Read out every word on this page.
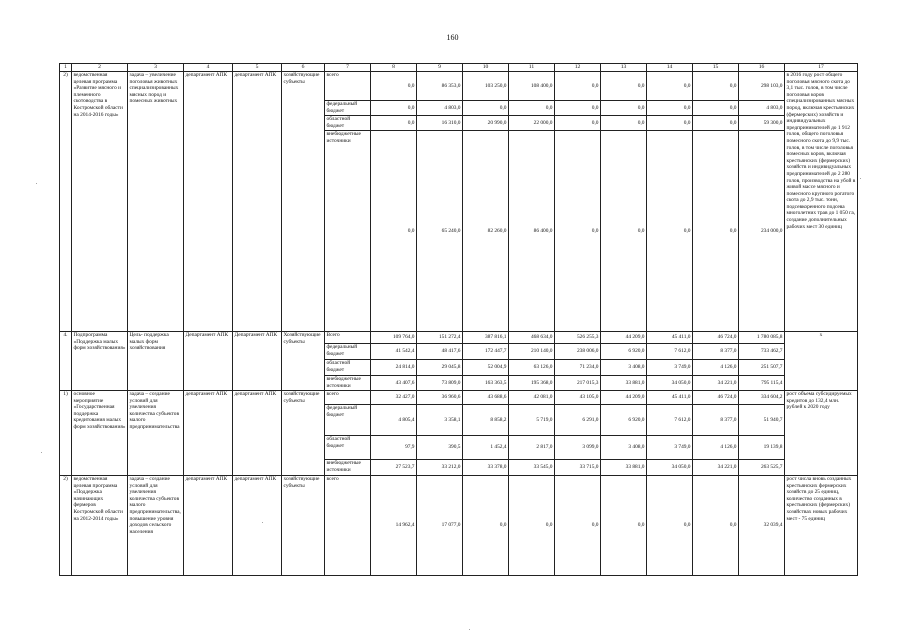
160
1	2	3	4	5	6	7	8	9	10	11	12	13	14	15	16	17
2)	ведомственная целевая программа «Развитие мясного и племенного скотоводства в Костромской области на 2014-2016 годы»	задача – увеличение поголовья животных специализированных мясных пород и помесных животных	департамент АПК	департамент АПК	хозяйствующие субъекты	всего	0,0	86 353,0	103 250,0	108 400,0	0,0	0,0	0,0	0,0	298 103,0	в 2016 году рост общего поголовья мясного скота до 3,1 тыс. голов, в том числе поголовья коров специализированных мясных пород, включая крестьянских (фермерских) хозяйств и индивидуальных предпринимателей до 1 912 голов, общего поголовья помесного скота до 9,9 тыс. голов, в том числе поголовья помесных коров, включая крестьянских (фермерских) хозяйств и индивидуальных предпринимателей до 2 280 голов, производства на убой в живой массе мясного и помесного крупного рогатого скота до 2,9 тыс. тонн, подсевкоренного подсева многолетних трав до 1 050 га, создание дополнительных рабочих мест 30 единиц
						федеральный бюджет	0,0	4 803,0	0,0	0,0	0,0	0,0	0,0	0,0	4 803,0	
						областной бюджет	0,0	16 310,0	20 990,0	22 000,0	0,0	0,0	0,0	0,0	59 300,0	
						внебюджетные источники	0,0	65 240,0	82 260,0	86 400,0	0,0	0,0	0,0	0,0	234 000,0	
4.	Подпрограмма «Поддержка малых форм хозяйствования»	Цель- поддержка малых форм хозяйствования	Департамент АПК	Департамент АПК	Хозяйствующие субъекты	Всего	109 764,0	151 272,4	387 816,1	468 634,0	526 255,3	44 209,0	45 411,0	46 724,0	1 780 085,8	х
						федеральный бюджет	41 542,4	48 417,6	172 447,7	210 140,0	238 006,0	6 920,0	7 612,0	8 377,0	733 462,7	
						областной бюджет	24 814,0	29 045,8	52 004,9	63 126,0	71 234,0	3 408,0	3 749,0	4 126,0	251 507,7	
						внебюджетные источники	43 407,6	73 809,0	163 363,5	195 368,0	217 015,3	33 881,0	34 050,0	34 221,0	795 115,4	
1)	основное мероприятие «Государственная поддержка кредитования малых форм хозяйствования»	задача – создание условий для увеличения количества субъектов малого предпринимательства	департамент АПК	департамент АПК	хозяйствующие субъекты	всего	32 427,0	36 960,6	43 688,6	42 081,0	43 105,0	44 209,0	45 411,0	46 724,0	334 604,2	рост объема субсидируемых кредитов до 132,4 млн. рублей к 2020 году
						федеральный бюджет	4 805,4	3 358,1	8 858,2	5 719,0	6 291,0	6 920,0	7 612,0	8 377,0	51 940,7	
						областной бюджет	97,9	390,5	1 452,4	2 817,0	3 099,0	3 408,0	3 749,0	4 126,0	19 139,8	
						внебюджетные источники	27 523,7	33 212,0	33 378,0	33 545,0	33 715,0	33 881,0	34 050,0	34 221,0	263 525,7	
2)	ведомственная целевая программа «Поддержка начинающих фермеров Костромской области на 2012-2014 годы»	задача – создание условий для увеличения количества субъектов малого предпринимательства, повышение уровня доходов сельского населения	департамент АПК	департамент АПК	хозяйствующие субъекты	всего	14 962,4	17 077,0	0,0	0,0	0,0	0,0	0,0	0,0	32 039,4	рост числа вновь созданных крестьянских фермерских хозяйств до 25 единиц, количество созданных в крестьянских (фермерских) хозяйствах новых рабочих мест - 75 единиц
